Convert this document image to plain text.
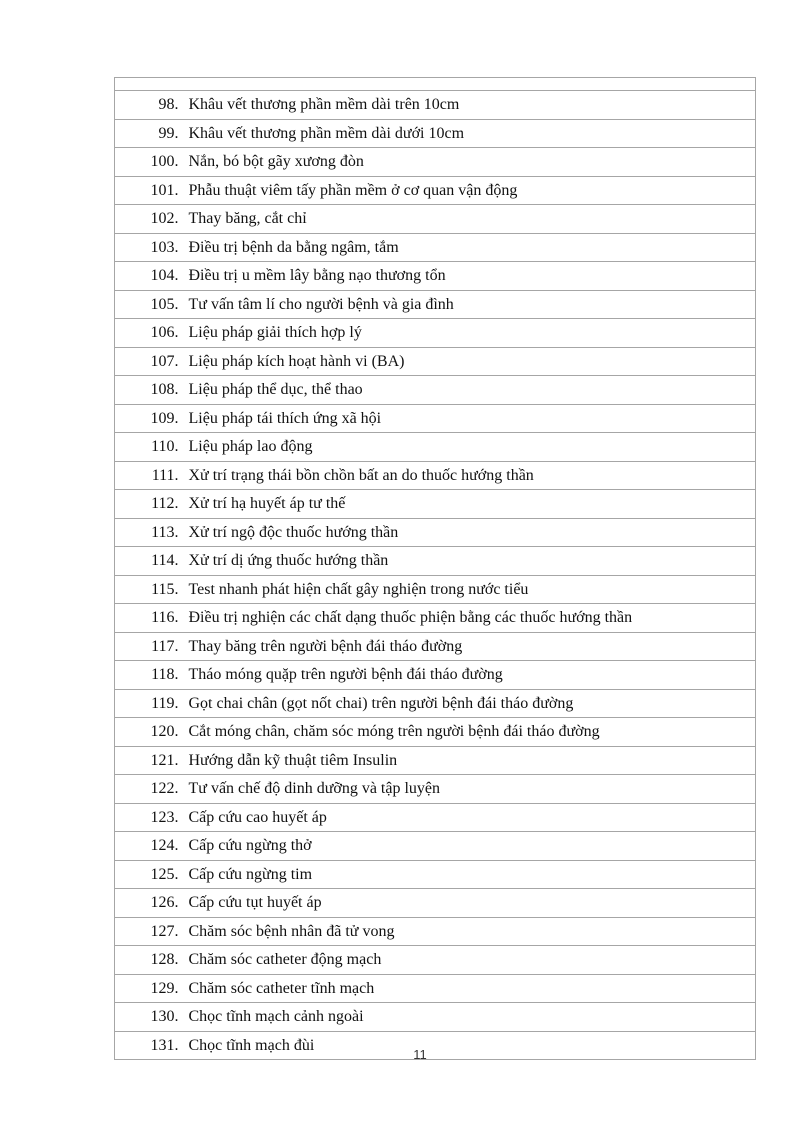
98.	Khâu vết thương phần mềm dài trên 10cm
99.	Khâu vết thương phần mềm dài dưới 10cm
100.	Nắn, bó bột gãy xương đòn
101.	Phẫu thuật viêm tấy phần mềm ở cơ quan vận động
102.	Thay băng, cắt chỉ
103.	Điều trị bệnh da bằng ngâm, tắm
104.	Điều trị u mềm lây bằng nạo thương tổn
105.	Tư vấn tâm lí cho người bệnh và gia đình
106.	Liệu pháp giải thích hợp lý
107.	Liệu pháp kích hoạt hành vi (BA)
108.	Liệu pháp thể dục, thể thao
109.	Liệu pháp tái thích ứng xã hội
110.	Liệu pháp lao động
111.	Xử trí trạng thái bồn chồn bất an do thuốc hướng thần
112.	Xử trí hạ huyết áp tư thế
113.	Xử trí ngộ độc thuốc hướng thần
114.	Xử trí dị ứng thuốc hướng thần
115.	Test nhanh phát hiện chất gây nghiện trong nước tiểu
116.	Điều trị nghiện các chất dạng thuốc phiện bằng các thuốc hướng thần
117.	Thay băng trên người bệnh đái tháo đường
118.	Tháo móng quặp trên người bệnh đái tháo đường
119.	Gọt chai chân (gọt nốt chai) trên người bệnh đái tháo đường
120.	Cắt móng chân, chăm sóc móng trên người bệnh đái tháo đường
121.	Hướng dẫn kỹ thuật tiêm Insulin
122.	Tư vấn chế độ dinh dưỡng và tập luyện
123.	Cấp cứu cao huyết áp
124.	Cấp cứu ngừng thở
125.	Cấp cứu ngừng tim
126.	Cấp cứu tụt huyết áp
127.	Chăm sóc bệnh nhân đã tử vong
128.	Chăm sóc catheter động mạch
129.	Chăm sóc catheter tĩnh mạch
130.	Chọc tĩnh mạch cảnh ngoài
131.	Chọc tĩnh mạch đùi
11
